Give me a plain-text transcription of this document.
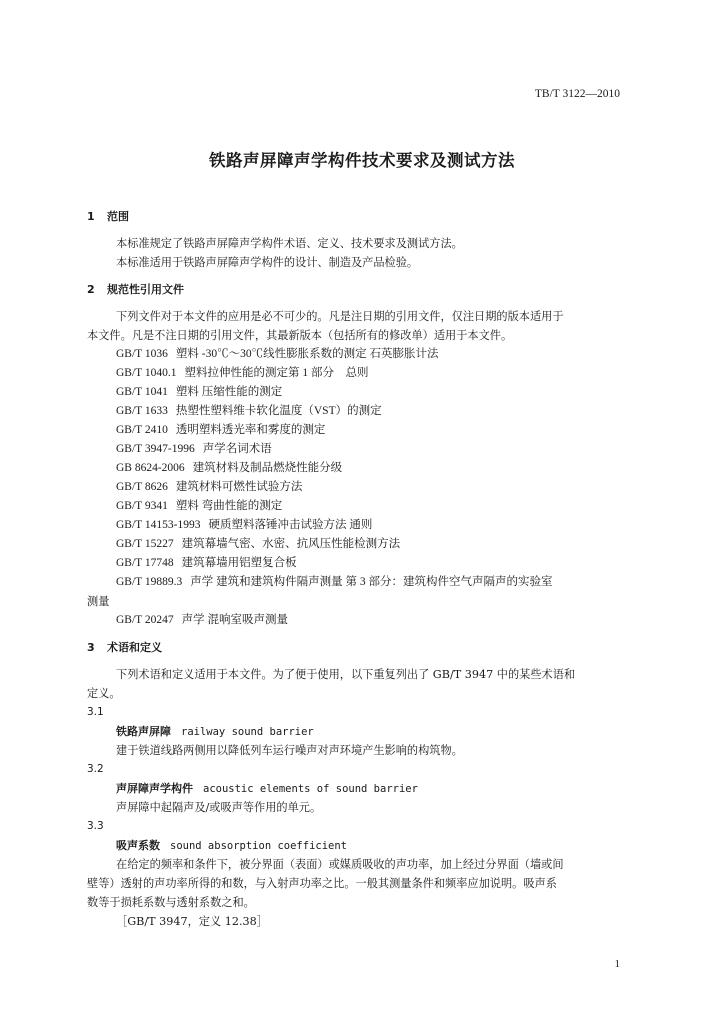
TB/T 3122—2010
铁路声屏障声学构件技术要求及测试方法
1 范围
本标准规定了铁路声屏障声学构件术语、定义、技术要求及测试方法。
本标准适用于铁路声屏障声学构件的设计、制造及产品检验。
2 规范性引用文件
下列文件对于本文件的应用是必不可少的。凡是注日期的引用文件，仅注日期的版本适用于
本文件。凡是不注日期的引用文件，其最新版本（包括所有的修改单）适用于本文件。
GB/T 1036 塑料 -30℃～30℃线性膨胀系数的测定 石英膨胀计法
GB/T 1040.1 塑料拉伸性能的测定第 1 部分　总则
GB/T 1041 塑料 压缩性能的测定
GB/T 1633 热塑性塑料维卡软化温度（VST）的测定
GB/T 2410 透明塑料透光率和雾度的测定
GB/T 3947-1996 声学名词术语
GB 8624-2006 建筑材料及制品燃烧性能分级
GB/T 8626 建筑材料可燃性试验方法
GB/T 9341 塑料 弯曲性能的测定
GB/T 14153-1993 硬质塑料落锤冲击试验方法 通则
GB/T 15227 建筑幕墙气密、水密、抗风压性能检测方法
GB/T 17748 建筑幕墙用铝塑复合板
GB/T 19889.3 声学 建筑和建筑构件隔声测量 第 3 部分：建筑构件空气声隔声的实验室
测量
GB/T 20247 声学 混响室吸声测量
3 术语和定义
下列术语和定义适用于本文件。为了便于使用，以下重复列出了 GB/T 3947 中的某些术语和
定义。
3.1
铁路声屏障 railway sound barrier
建于铁道线路两侧用以降低列车运行噪声对声环境产生影响的构筑物。
3.2
声屏障声学构件 acoustic elements of sound barrier
声屏障中起隔声及/或吸声等作用的单元。
3.3
吸声系数 sound absorption coefficient
在给定的频率和条件下，被分界面（表面）或媒质吸收的声功率，加上经过分界面（墙或间
壁等）透射的声功率所得的和数，与入射声功率之比。一般其测量条件和频率应加说明。吸声系
数等于损耗系数与透射系数之和。
［GB/T 3947，定义 12.38］
1
